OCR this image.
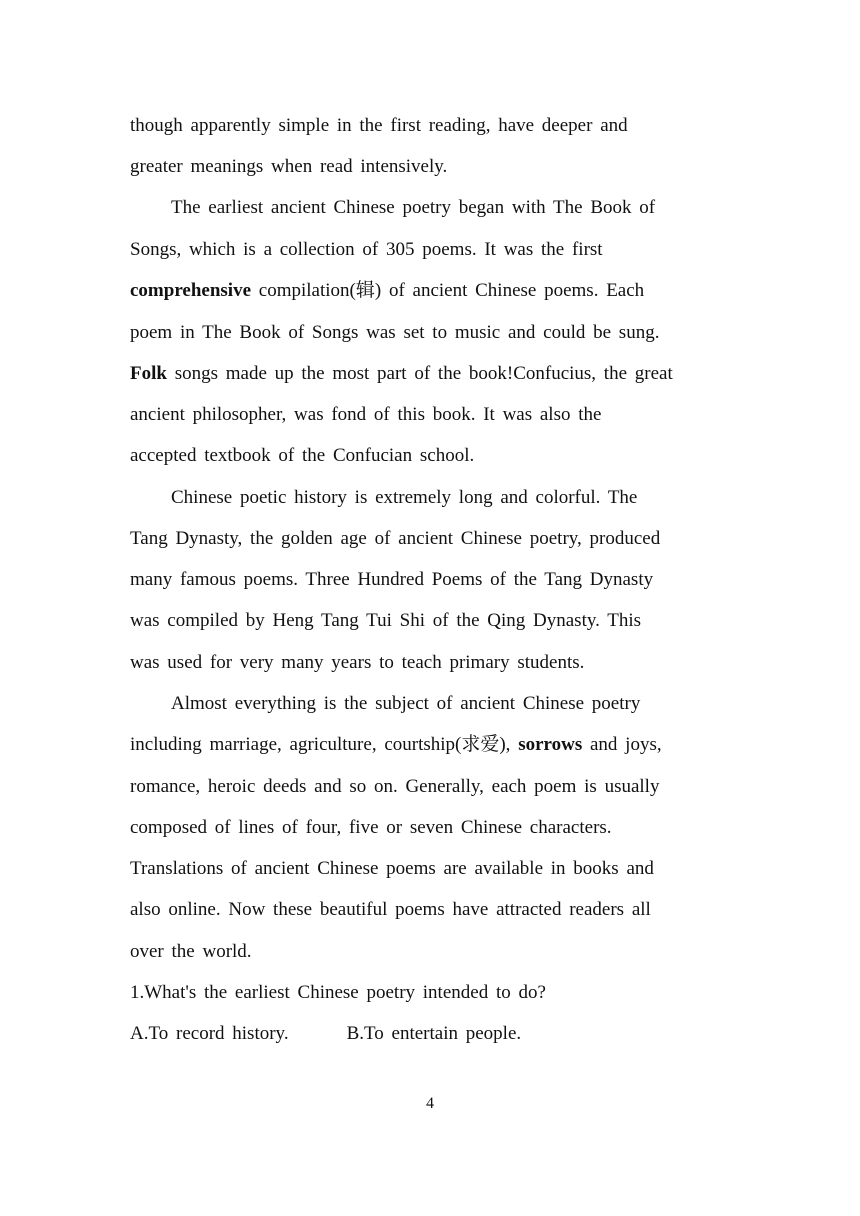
though apparently simple in the first reading, have deeper and
greater meanings when read intensively.
The earliest ancient Chinese poetry began with The Book of
Songs, which is a collection of 305 poems. It was the first
comprehensive compilation(辑) of ancient Chinese poems. Each
poem in The Book of Songs was set to music and could be sung.
Folk songs made up the most part of the book!Confucius, the great
ancient philosopher, was fond of this book. It was also the
accepted textbook of the Confucian school.
Chinese poetic history is extremely long and colorful. The
Tang Dynasty, the golden age of ancient Chinese poetry, produced
many famous poems. Three Hundred Poems of the Tang Dynasty
was compiled by Heng Tang Tui Shi of the Qing Dynasty. This
was used for very many years to teach primary students.
Almost everything is the subject of ancient Chinese poetry
including marriage, agriculture, courtship(求爱), sorrows and joys,
romance, heroic deeds and so on. Generally, each poem is usually
composed of lines of four, five or seven Chinese characters.
Translations of ancient Chinese poems are available in books and
also online. Now these beautiful poems have attracted readers all
over the world.
1.What's the earliest Chinese poetry intended to do?
A.To record history.	B.To entertain people.
4
